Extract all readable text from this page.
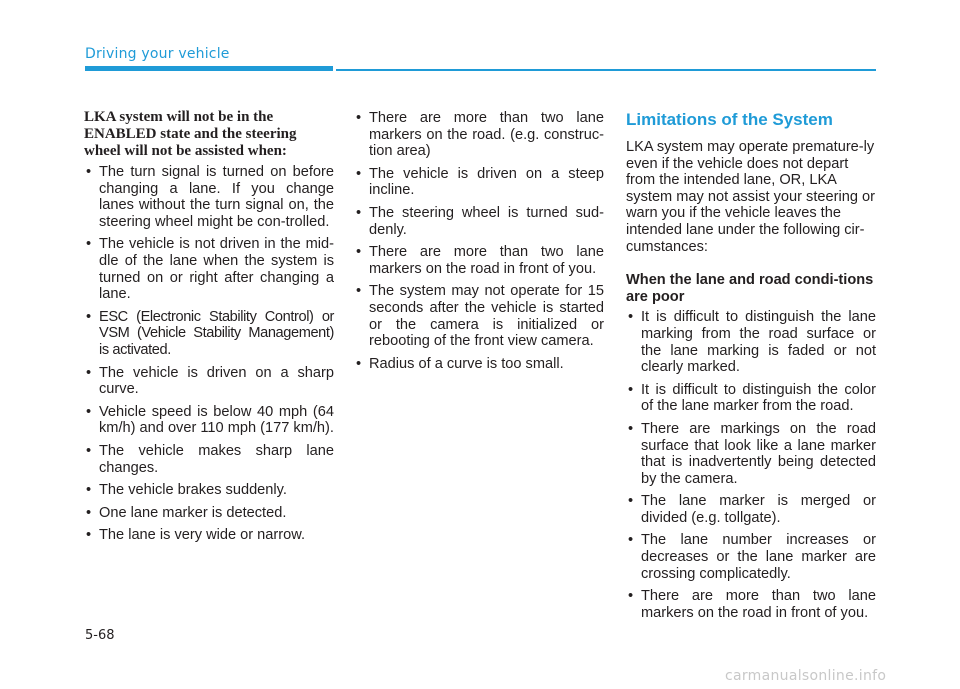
Driving your vehicle

LKA system will not be in the ENABLED state and the steering wheel will not be assisted when:

• The turn signal is turned on before changing a lane. If you change lanes without the turn signal on, the steering wheel might be con-trolled.
• The vehicle is not driven in the mid-dle of the lane when the system is turned on or right after changing a lane.
• ESC (Electronic Stability Control) or VSM (Vehicle Stability Management) is activated.
• The vehicle is driven on a sharp curve.
• Vehicle speed is below 40 mph (64 km/h) and over 110 mph (177 km/h).
• The vehicle makes sharp lane changes.
• The vehicle brakes suddenly.
• One lane marker is detected.
• The lane is very wide or narrow.
• There are more than two lane markers on the road. (e.g. construc-tion area)
• The vehicle is driven on a steep incline.
• The steering wheel is turned sud-denly.
• There are more than two lane markers on the road in front of you.
• The system may not operate for 15 seconds after the vehicle is started or the camera is initialized or rebooting of the front view camera.
• Radius of a curve is too small.
Limitations of the System

LKA system may operate premature-ly even if the vehicle does not depart from the intended lane, OR, LKA system may not assist your steering or warn you if the vehicle leaves the intended lane under the following cir-cumstances:

When the lane and road condi-tions are poor

• It is difficult to distinguish the lane marking from the road surface or the lane marking is faded or not clearly marked.
• It is difficult to distinguish the color of the lane marker from the road.
• There are markings on the road surface that look like a lane marker that is inadvertently being detected by the camera.
• The lane marker is merged or divided (e.g. tollgate).
• The lane number increases or decreases or the lane marker are crossing complicatedly.
• There are more than two lane markers on the road in front of you.
5-68
carmanualsonline.info
